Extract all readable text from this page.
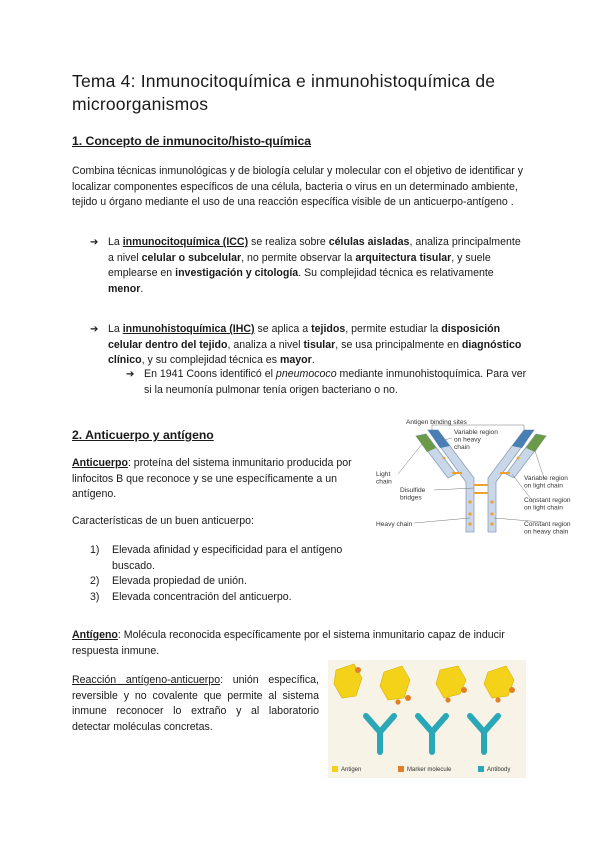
Tema 4: Inmunocitoquímica e inmunohistoquímica de microorganismos
1. Concepto de inmunocito/histo-química
Combina técnicas inmunológicas y de biología celular y molecular con el objetivo de identificar y localizar componentes específicos de una célula, bacteria o virus en un determinado ambiente, tejido u órgano mediante el uso de una reacción específica visible de un anticuerpo-antígeno .
➔ La inmunocitoquímica (ICC) se realiza sobre células aisladas, analiza principalmente a nivel celular o subcelular, no permite observar la arquitectura tisular, y suele emplearse en investigación y citología. Su complejidad técnica es relativamente menor.
➔ La inmunohistoquímica (IHC) se aplica a tejidos, permite estudiar la disposición celular dentro del tejido, analiza a nivel tisular, se usa principalmente en diagnóstico clínico, y su complejidad técnica es mayor.
➔ En 1941 Coons identificó el pneumococo mediante inmunohistoquímica. Para ver si la neumonía pulmonar tenía origen bacteriano o no.
2. Anticuerpo y antígeno
Anticuerpo: proteína del sistema inmunitario producida por linfocitos B que reconoce y se une específicamente a un antígeno.
Características de un buen anticuerpo:
1)	Elevada afinidad y especificidad para el antígeno buscado.
2)	Elevada propiedad de unión.
3)	Elevada concentración del anticuerpo.
Antígeno: Molécula reconocida específicamente por el sistema inmunitario capaz de inducir respuesta inmune.
Reacción antígeno-anticuerpo: unión específica, reversible y no covalente que permite al sistema inmune reconocer lo extraño y al laboratorio detectar moléculas concretas.
Antigen binding sites
Variable region on heavy chain
Light chain	Variable region on light chain
Disulfide bridges	Constant region on light chain
Heavy chain	Constant region on heavy chain
Antigen	Marker molecule	Antibody
